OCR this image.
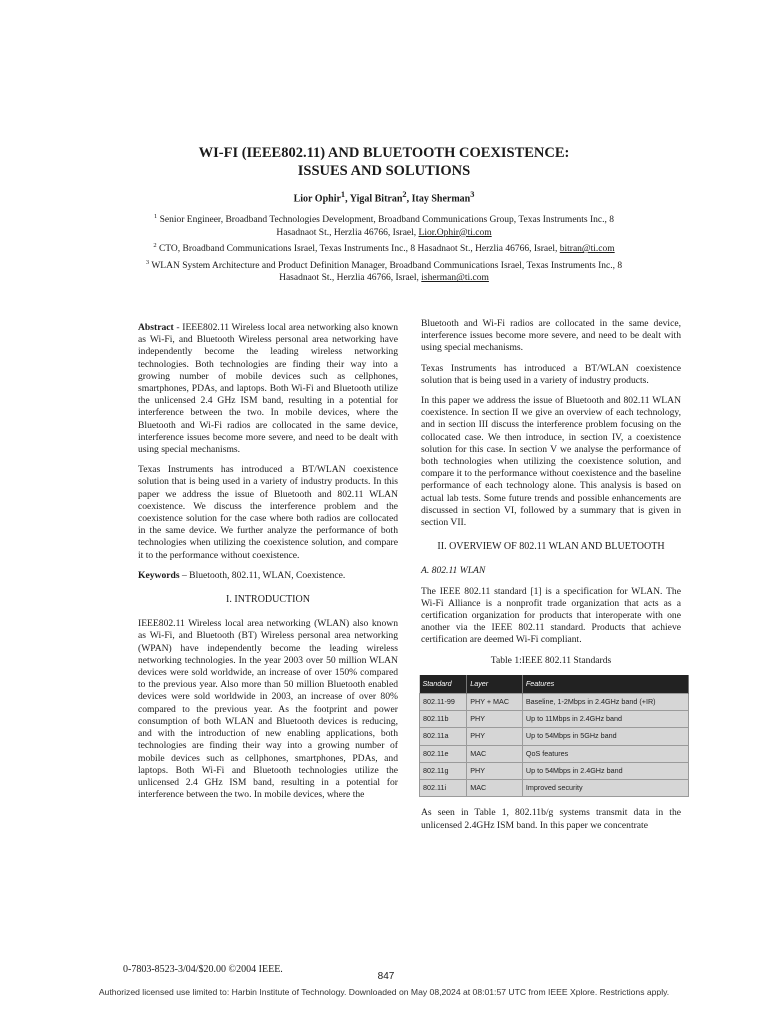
WI-FI (IEEE802.11) AND BLUETOOTH COEXISTENCE:
ISSUES AND SOLUTIONS

Lior Ophir$^1$, Yigal Bitran$^2$, Itay Sherman$^3$

$^1$ Senior Engineer, Broadband Technologies Development, Broadband Communications Group, Texas Instruments Inc., 8 Hasadnaot St., Herzlia 46766, Israel, Lior.Ophir@ti.com

$^2$ CTO, Broadband Communications Israel, Texas Instruments Inc., 8 Hasadnaot St., Herzlia 46766, Israel, bitran@ti.com

$^3$ WLAN System Architecture and Product Definition Manager, Broadband Communications Israel, Texas Instruments Inc., 8 Hasadnaot St., Herzlia 46766, Israel, isherman@ti.com

Abstract - IEEE802.11 Wireless local area networking also known as Wi-Fi, and Bluetooth Wireless personal area networking have independently become the leading wireless networking technologies. Both technologies are finding their way into a growing number of mobile devices such as cellphones, smartphones, PDAs, and laptops. Both Wi-Fi and Bluetooth utilize the unlicensed 2.4 GHz ISM band, resulting in a potential for interference between the two. In mobile devices, where the Bluetooth and Wi-Fi radios are collocated in the same device, interference issues become more severe, and need to be dealt with using special mechanisms.

Texas Instruments has introduced a BT/WLAN coexistence solution that is being used in a variety of industry products. In this paper we address the issue of Bluetooth and 802.11 WLAN coexistence. We discuss the interference problem and the coexistence solution for the case where both radios are collocated in the same device. We further analyze the performance of both technologies when utilizing the coexistence solution, and compare it to the performance without coexistence.

Keywords – Bluetooth, 802.11, WLAN, Coexistence.

I. INTRODUCTION

IEEE802.11 Wireless local area networking (WLAN) also known as Wi-Fi, and Bluetooth (BT) Wireless personal area networking (WPAN) have independently become the leading wireless networking technologies. In the year 2003 over 50 million WLAN devices were sold worldwide, an increase of over 150% compared to the previous year. Also more than 50 million Bluetooth enabled devices were sold worldwide in 2003, an increase of over 80% compared to the previous year. As the footprint and power consumption of both WLAN and Bluetooth devices is reducing, and with the introduction of new enabling applications, both technologies are finding their way into a growing number of mobile devices such as cellphones, smartphones, PDAs, and laptops. Both Wi-Fi and Bluetooth technologies utilize the unlicensed 2.4 GHz ISM band, resulting in a potential for interference between the two. In mobile devices, where the

Bluetooth and Wi-Fi radios are collocated in the same device, interference issues become more severe, and need to be dealt with using special mechanisms.

Texas Instruments has introduced a BT/WLAN coexistence solution that is being used in a variety of industry products.

In this paper we address the issue of Bluetooth and 802.11 WLAN coexistence. In section II we give an overview of each technology, and in section III discuss the interference problem focusing on the collocated case. We then introduce, in section IV, a coexistence solution for this case. In section V we analyse the performance of both technologies when utilizing the coexistence solution, and compare it to the performance without coexistence and the baseline performance of each technology alone. This analysis is based on actual lab tests. Some future trends and possible enhancements are discussed in section VI, followed by a summary that is given in section VII.

II. OVERVIEW OF 802.11 WLAN AND BLUETOOTH

A. 802.11 WLAN

The IEEE 802.11 standard [1] is a specification for WLAN. The Wi-Fi Alliance is a nonprofit trade organization that acts as a certification organization for products that interoperate with one another via the IEEE 802.11 standard. Products that achieve certification are deemed Wi-Fi compliant.

Table 1:IEEE 802.11 Standards

Standard	Layer	Features
802.11-99	PHY + MAC	Baseline, 1-2Mbps in 2.4GHz band (+IR)
802.11b	PHY	Up to 11Mbps in 2.4GHz band
802.11a	PHY	Up to 54Mbps in 5GHz band
802.11e	MAC	QoS features
802.11g	PHY	Up to 54Mbps in 2.4GHz band
802.11i	MAC	Improved security

As seen in Table 1, 802.11b/g systems transmit data in the unlicensed 2.4GHz ISM band. In this paper we concentrate

0-7803-8523-3/04/$20.00 ©2004 IEEE.

847

Authorized licensed use limited to: Harbin Institute of Technology. Downloaded on May 08,2024 at 08:01:57 UTC from IEEE Xplore. Restrictions apply.
